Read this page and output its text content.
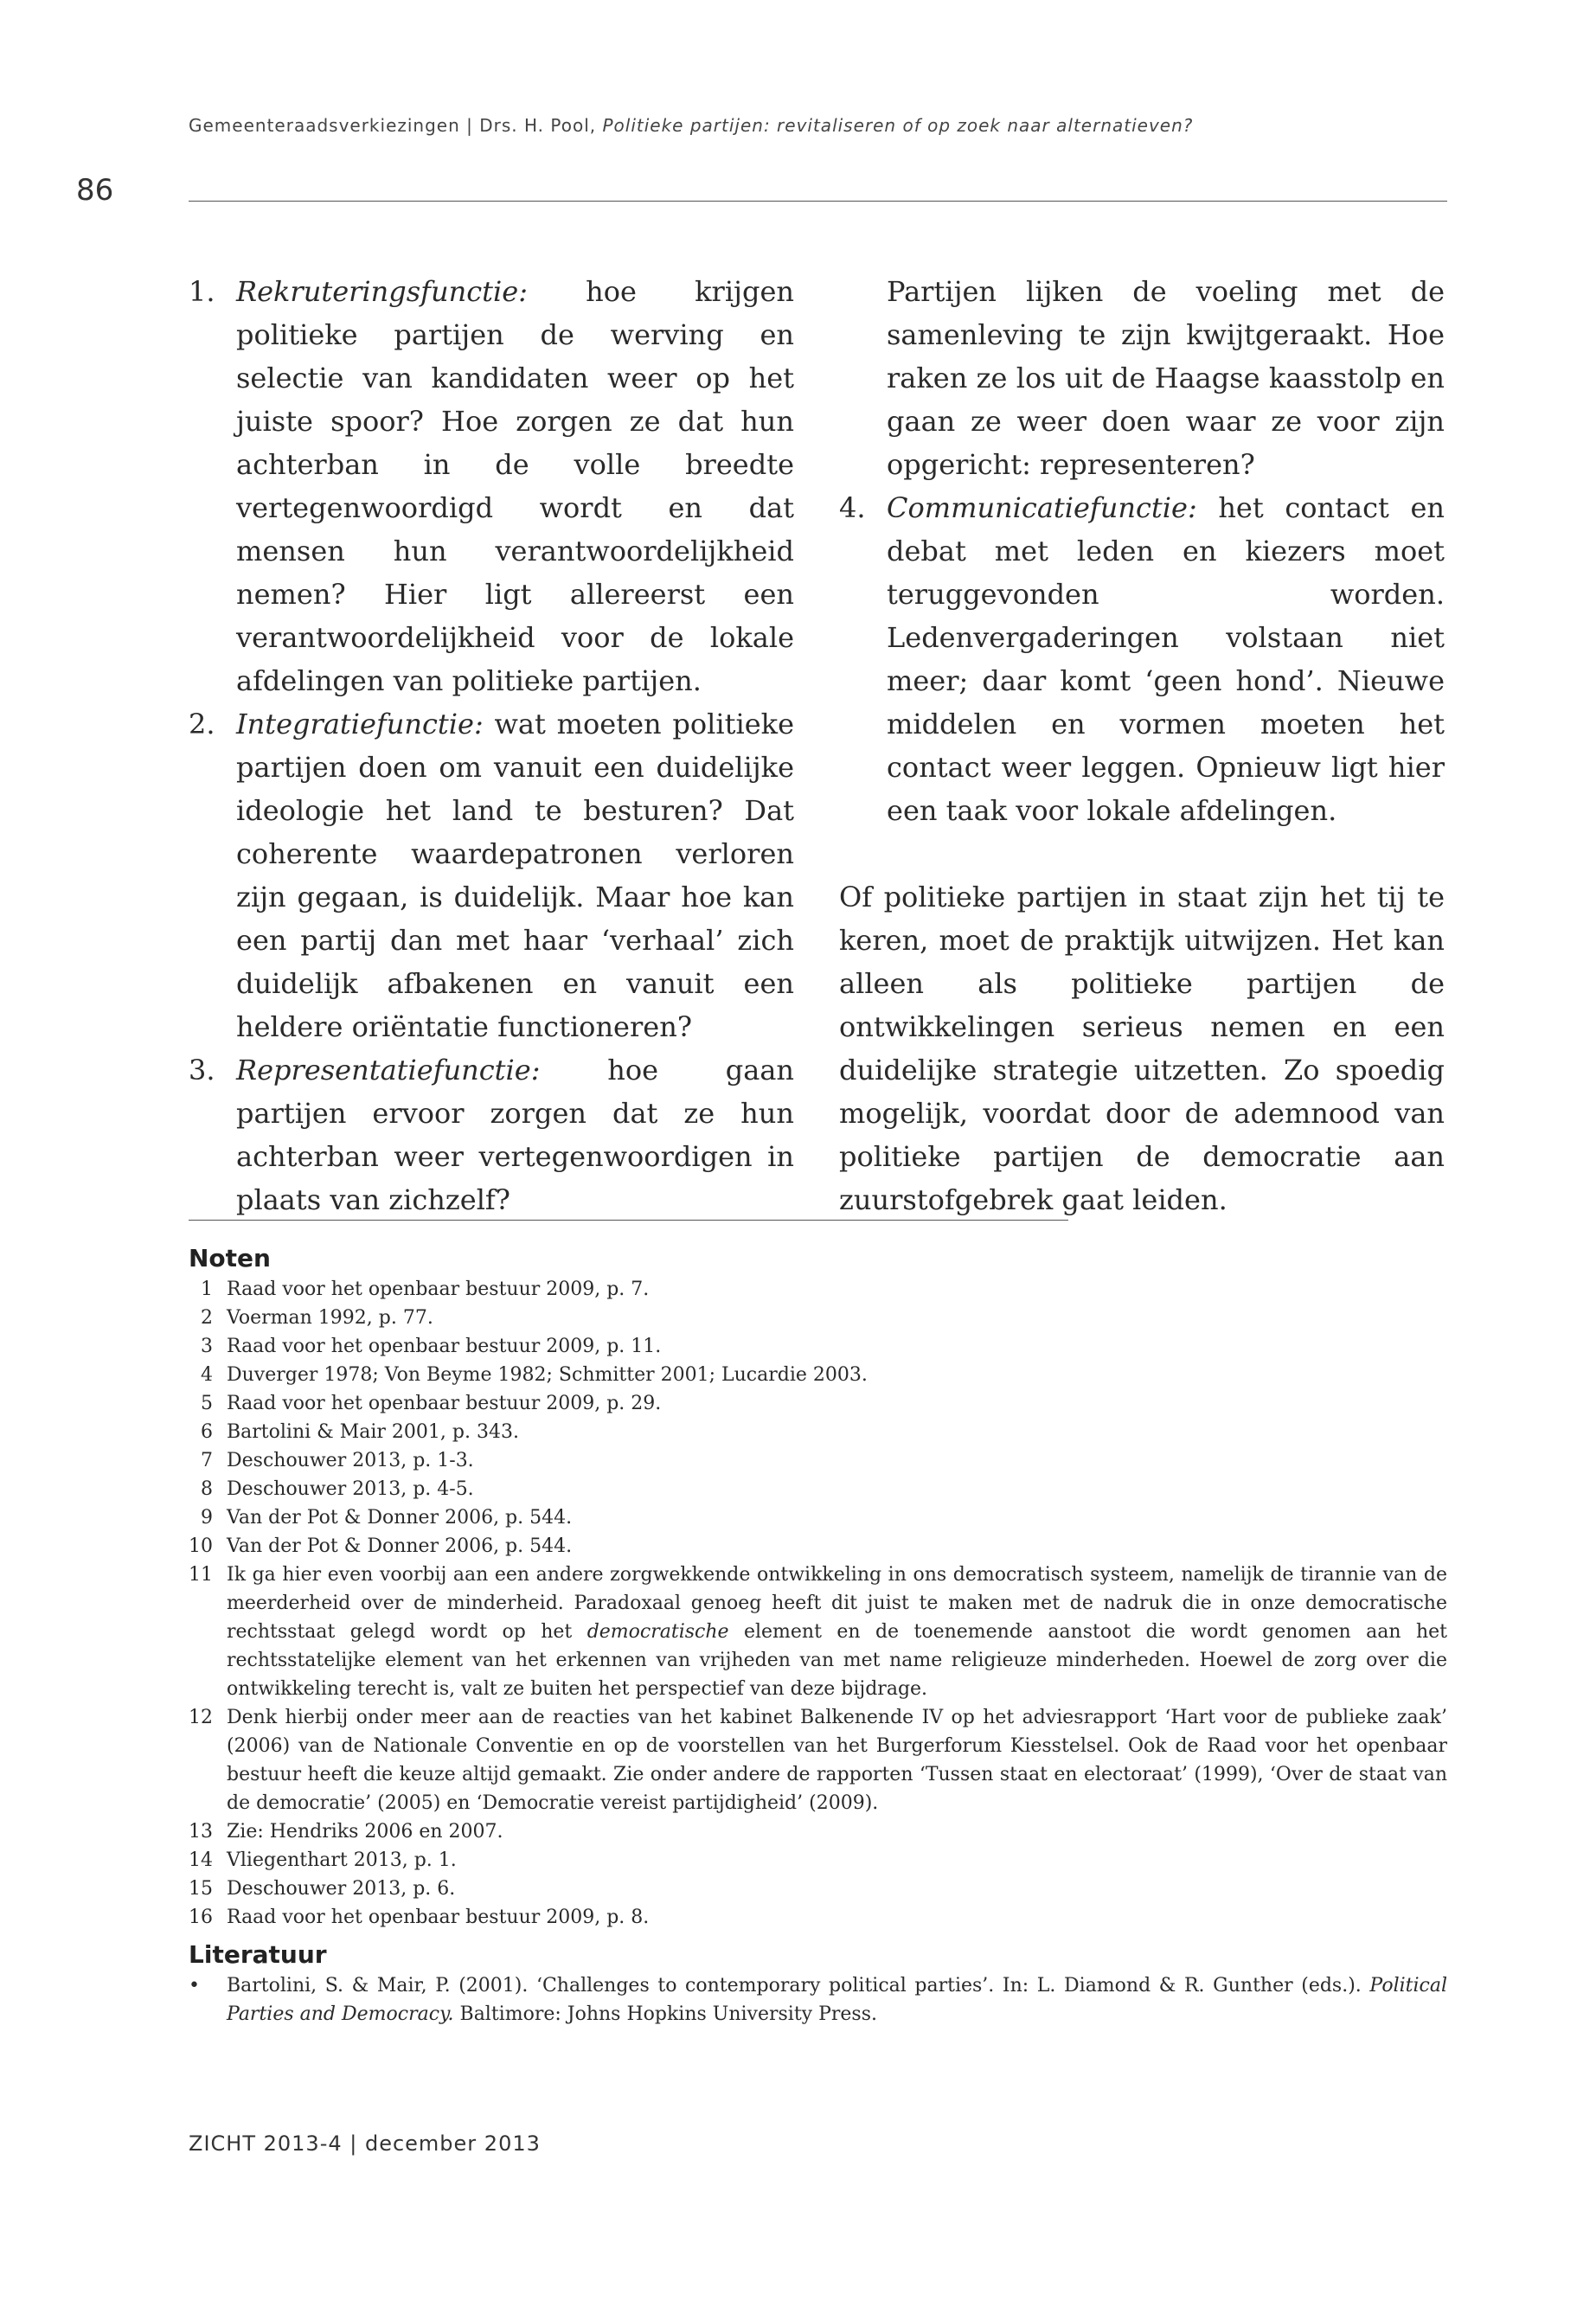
86
Gemeenteraadsverkiezingen | Drs. H. Pool, Politieke partijen: revitaliseren of op zoek naar alternatieven?
1. Rekruteringsfunctie: hoe krijgen politieke partijen de werving en selectie van kandidaten weer op het juiste spoor? Hoe zorgen ze dat hun achterban in de volle breedte vertegenwoordigd wordt en dat mensen hun verantwoordelijkheid nemen? Hier ligt allereerst een verantwoordelijkheid voor de lokale afdelingen van politieke partijen.
2. Integratiefunctie: wat moeten politieke partijen doen om vanuit een duidelijke ideologie het land te besturen? Dat coherente waardepatronen verloren zijn gegaan, is duidelijk. Maar hoe kan een partij dan met haar ‘verhaal’ zich duidelijk afbakenen en vanuit een heldere oriëntatie functioneren?
3. Representatiefunctie: hoe gaan partijen ervoor zorgen dat ze hun achterban weer vertegenwoordigen in plaats van zichzelf?
Partijen lijken de voeling met de samenleving te zijn kwijtgeraakt. Hoe raken ze los uit de Haagse kaasstolp en gaan ze weer doen waar ze voor zijn opgericht: representeren?
4. Communicatiefunctie: het contact en debat met leden en kiezers moet teruggevonden worden. Ledenvergaderingen volstaan niet meer; daar komt ‘geen hond’. Nieuwe middelen en vormen moeten het contact weer leggen. Opnieuw ligt hier een taak voor lokale afdelingen.

Of politieke partijen in staat zijn het tij te keren, moet de praktijk uitwijzen. Het kan alleen als politieke partijen de ontwikkelingen serieus nemen en een duidelijke strategie uitzetten. Zo spoedig mogelijk, voordat door de ademnood van politieke partijen de democratie aan zuurstofgebrek gaat leiden.

Noten
1 Raad voor het openbaar bestuur 2009, p. 7.
2 Voerman 1992, p. 77.
3 Raad voor het openbaar bestuur 2009, p. 11.
4 Duverger 1978; Von Beyme 1982; Schmitter 2001; Lucardie 2003.
5 Raad voor het openbaar bestuur 2009, p. 29.
6 Bartolini & Mair 2001, p. 343.
7 Deschouwer 2013, p. 1-3.
8 Deschouwer 2013, p. 4-5.
9 Van der Pot & Donner 2006, p. 544.
10 Van der Pot & Donner 2006, p. 544.
11 Ik ga hier even voorbij aan een andere zorgwekkende ontwikkeling in ons democratisch systeem, namelijk de tirannie van de meerderheid over de minderheid. Paradoxaal genoeg heeft dit juist te maken met de nadruk die in onze democratische rechtsstaat gelegd wordt op het democratische element en de toenemende aanstoot die wordt genomen aan het rechtsstatelijke element van het erkennen van vrijheden van met name religieuze minderheden. Hoewel de zorg over die ontwikkeling terecht is, valt ze buiten het perspectief van deze bijdrage.
12 Denk hierbij onder meer aan de reacties van het kabinet Balkenende IV op het adviesrapport ‘Hart voor de publieke zaak’ (2006) van de Nationale Conventie en op de voorstellen van het Burgerforum Kiesstelsel. Ook de Raad voor het openbaar bestuur heeft die keuze altijd gemaakt. Zie onder andere de rapporten ‘Tussen staat en electoraat’ (1999), ‘Over de staat van de democratie’ (2005) en ‘Democratie vereist partijdigheid’ (2009).
13 Zie: Hendriks 2006 en 2007.
14 Vliegenthart 2013, p. 1.
15 Deschouwer 2013, p. 6.
16 Raad voor het openbaar bestuur 2009, p. 8.
Literatuur
• Bartolini, S. & Mair, P. (2001). ‘Challenges to contemporary political parties’. In: L. Diamond & R. Gunther (eds.). Political Parties and Democracy. Baltimore: Johns Hopkins University Press.
ZICHT 2013-4 | december 2013
